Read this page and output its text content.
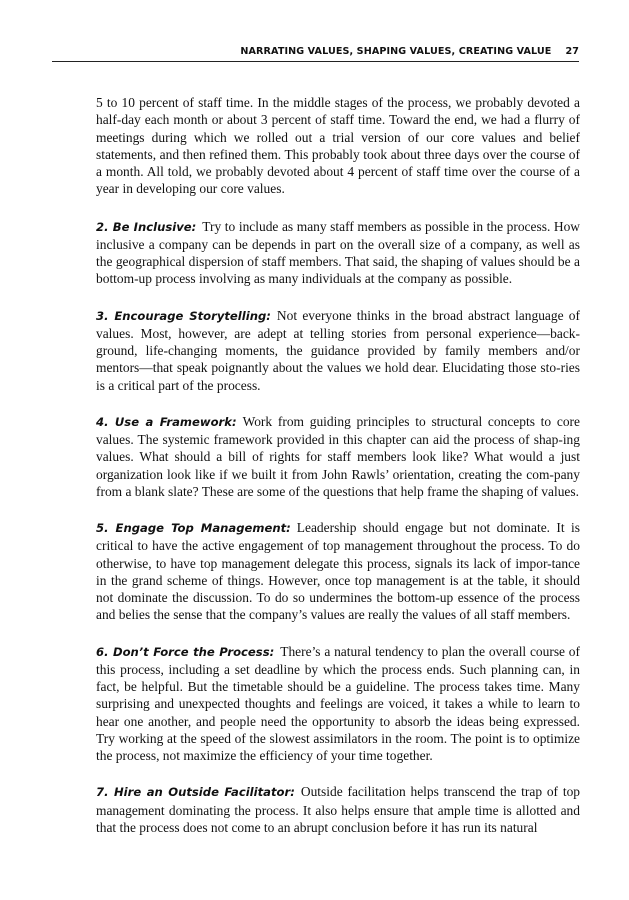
NARRATING VALUES, SHAPING VALUES, CREATING VALUE 27

5 to 10 percent of staff time. In the middle stages of the process, we probably devoted a half-day each month or about 3 percent of staff time. Toward the end, we had a flurry of meetings during which we rolled out a trial version of our core values and belief statements, and then refined them. This probably took about three days over the course of a month. All told, we probably devoted about 4 percent of staff time over the course of a year in developing our core values.

2. Be Inclusive: Try to include as many staff members as possible in the process. How inclusive a company can be depends in part on the overall size of a company, as well as the geographical dispersion of staff members. That said, the shaping of values should be a bottom-up process involving as many individuals at the company as possible.

3. Encourage Storytelling: Not everyone thinks in the broad abstract language of values. Most, however, are adept at telling stories from personal experience—back-ground, life-changing moments, the guidance provided by family members and/or mentors—that speak poignantly about the values we hold dear. Elucidating those sto-ries is a critical part of the process.

4. Use a Framework: Work from guiding principles to structural concepts to core values. The systemic framework provided in this chapter can aid the process of shap-ing values. What should a bill of rights for staff members look like? What would a just organization look like if we built it from John Rawls’ orientation, creating the com-pany from a blank slate? These are some of the questions that help frame the shaping of values.

5. Engage Top Management: Leadership should engage but not dominate. It is critical to have the active engagement of top management throughout the process. To do otherwise, to have top management delegate this process, signals its lack of impor-tance in the grand scheme of things. However, once top management is at the table, it should not dominate the discussion. To do so undermines the bottom-up essence of the process and belies the sense that the company’s values are really the values of all staff members.

6. Don’t Force the Process: There’s a natural tendency to plan the overall course of this process, including a set deadline by which the process ends. Such planning can, in fact, be helpful. But the timetable should be a guideline. The process takes time. Many surprising and unexpected thoughts and feelings are voiced, it takes a while to learn to hear one another, and people need the opportunity to absorb the ideas being expressed. Try working at the speed of the slowest assimilators in the room. The point is to optimize the process, not maximize the efficiency of your time together.

7. Hire an Outside Facilitator: Outside facilitation helps transcend the trap of top management dominating the process. It also helps ensure that ample time is allotted and that the process does not come to an abrupt conclusion before it has run its natural
